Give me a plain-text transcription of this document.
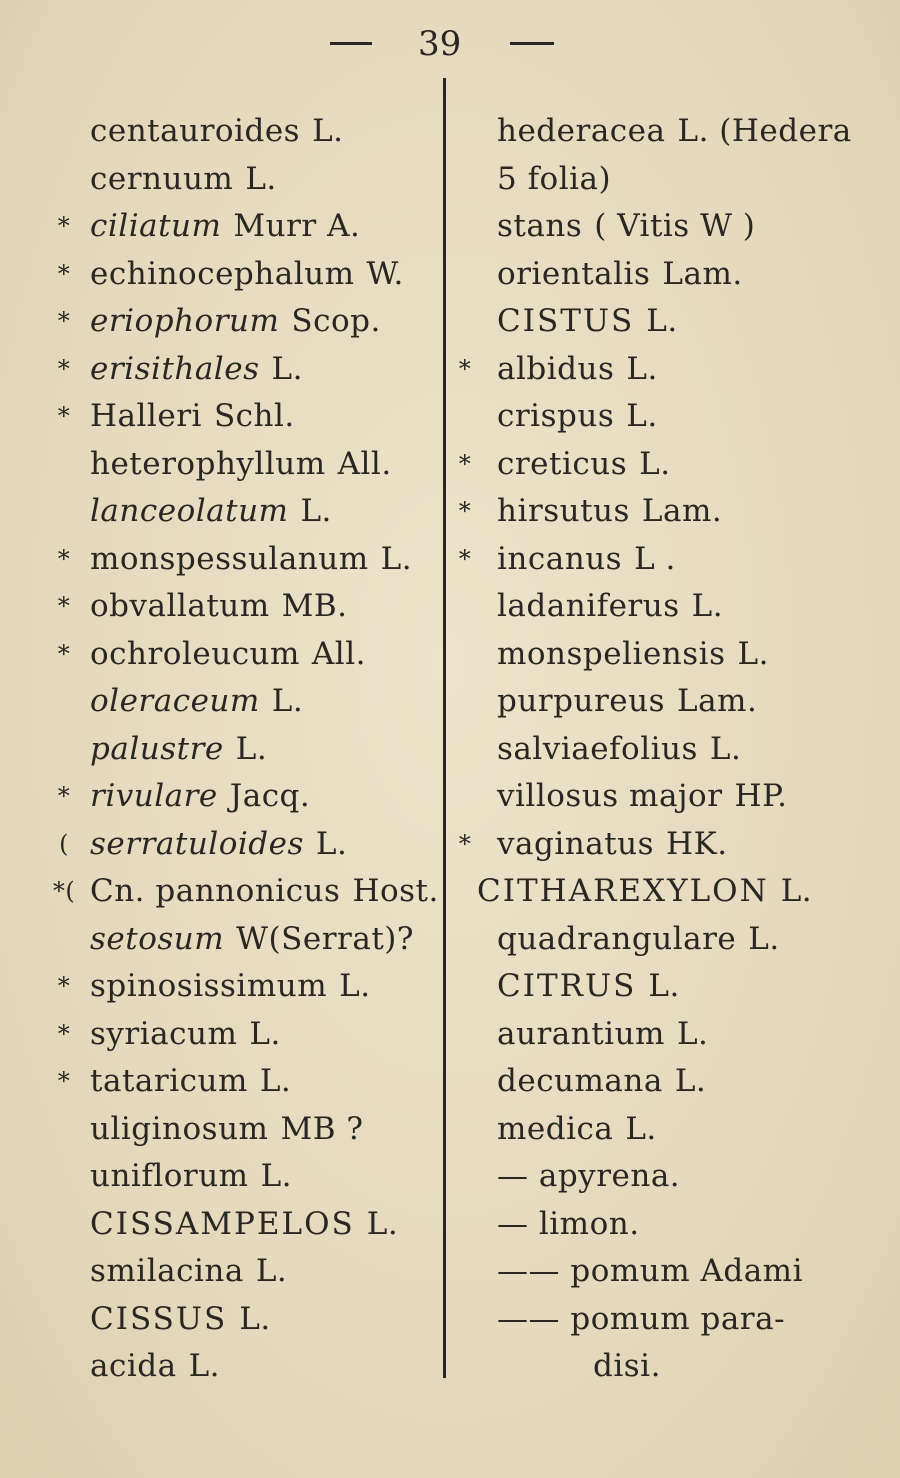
39
centauroides L.
cernuum L.
* ciliatum Murr A.
* echinocephalum W.
* eriophorum Scop.
* erisithales L.
* Halleri Schl.
heterophyllum All.
lanceolatum L.
* monspessulanum L.
* obvallatum MB.
* ochroleucum All.
oleraceum L.
palustre L.
* rivulare Jacq.
( serratuloides L.
*( Cn. pannonicus Host.
setosum W(Serrat)?
* spinosissimum L.
* syriacum L.
* tataricum L.
uliginosum MB ?
uniflorum L.
CISSAMPELOS L.
smilacina L.
CISSUS L.
acida L.
hederacea L. (Hedera
5 folia)
stans ( Vitis W )
orientalis Lam.
CISTUS L.
* albidus L.
crispus L.
* creticus L.
* hirsutus Lam.
* incanus L .
ladaniferus L.
monspeliensis L.
purpureus Lam.
salviaefolius L.
villosus major HP.
* vaginatus HK.
CITHAREXYLON L.
quadrangulare L.
CITRUS L.
aurantium L.
decumana L.
medica L.
— apyrena.
— limon.
—— pomum Adami
—— pomum para-
disi.
